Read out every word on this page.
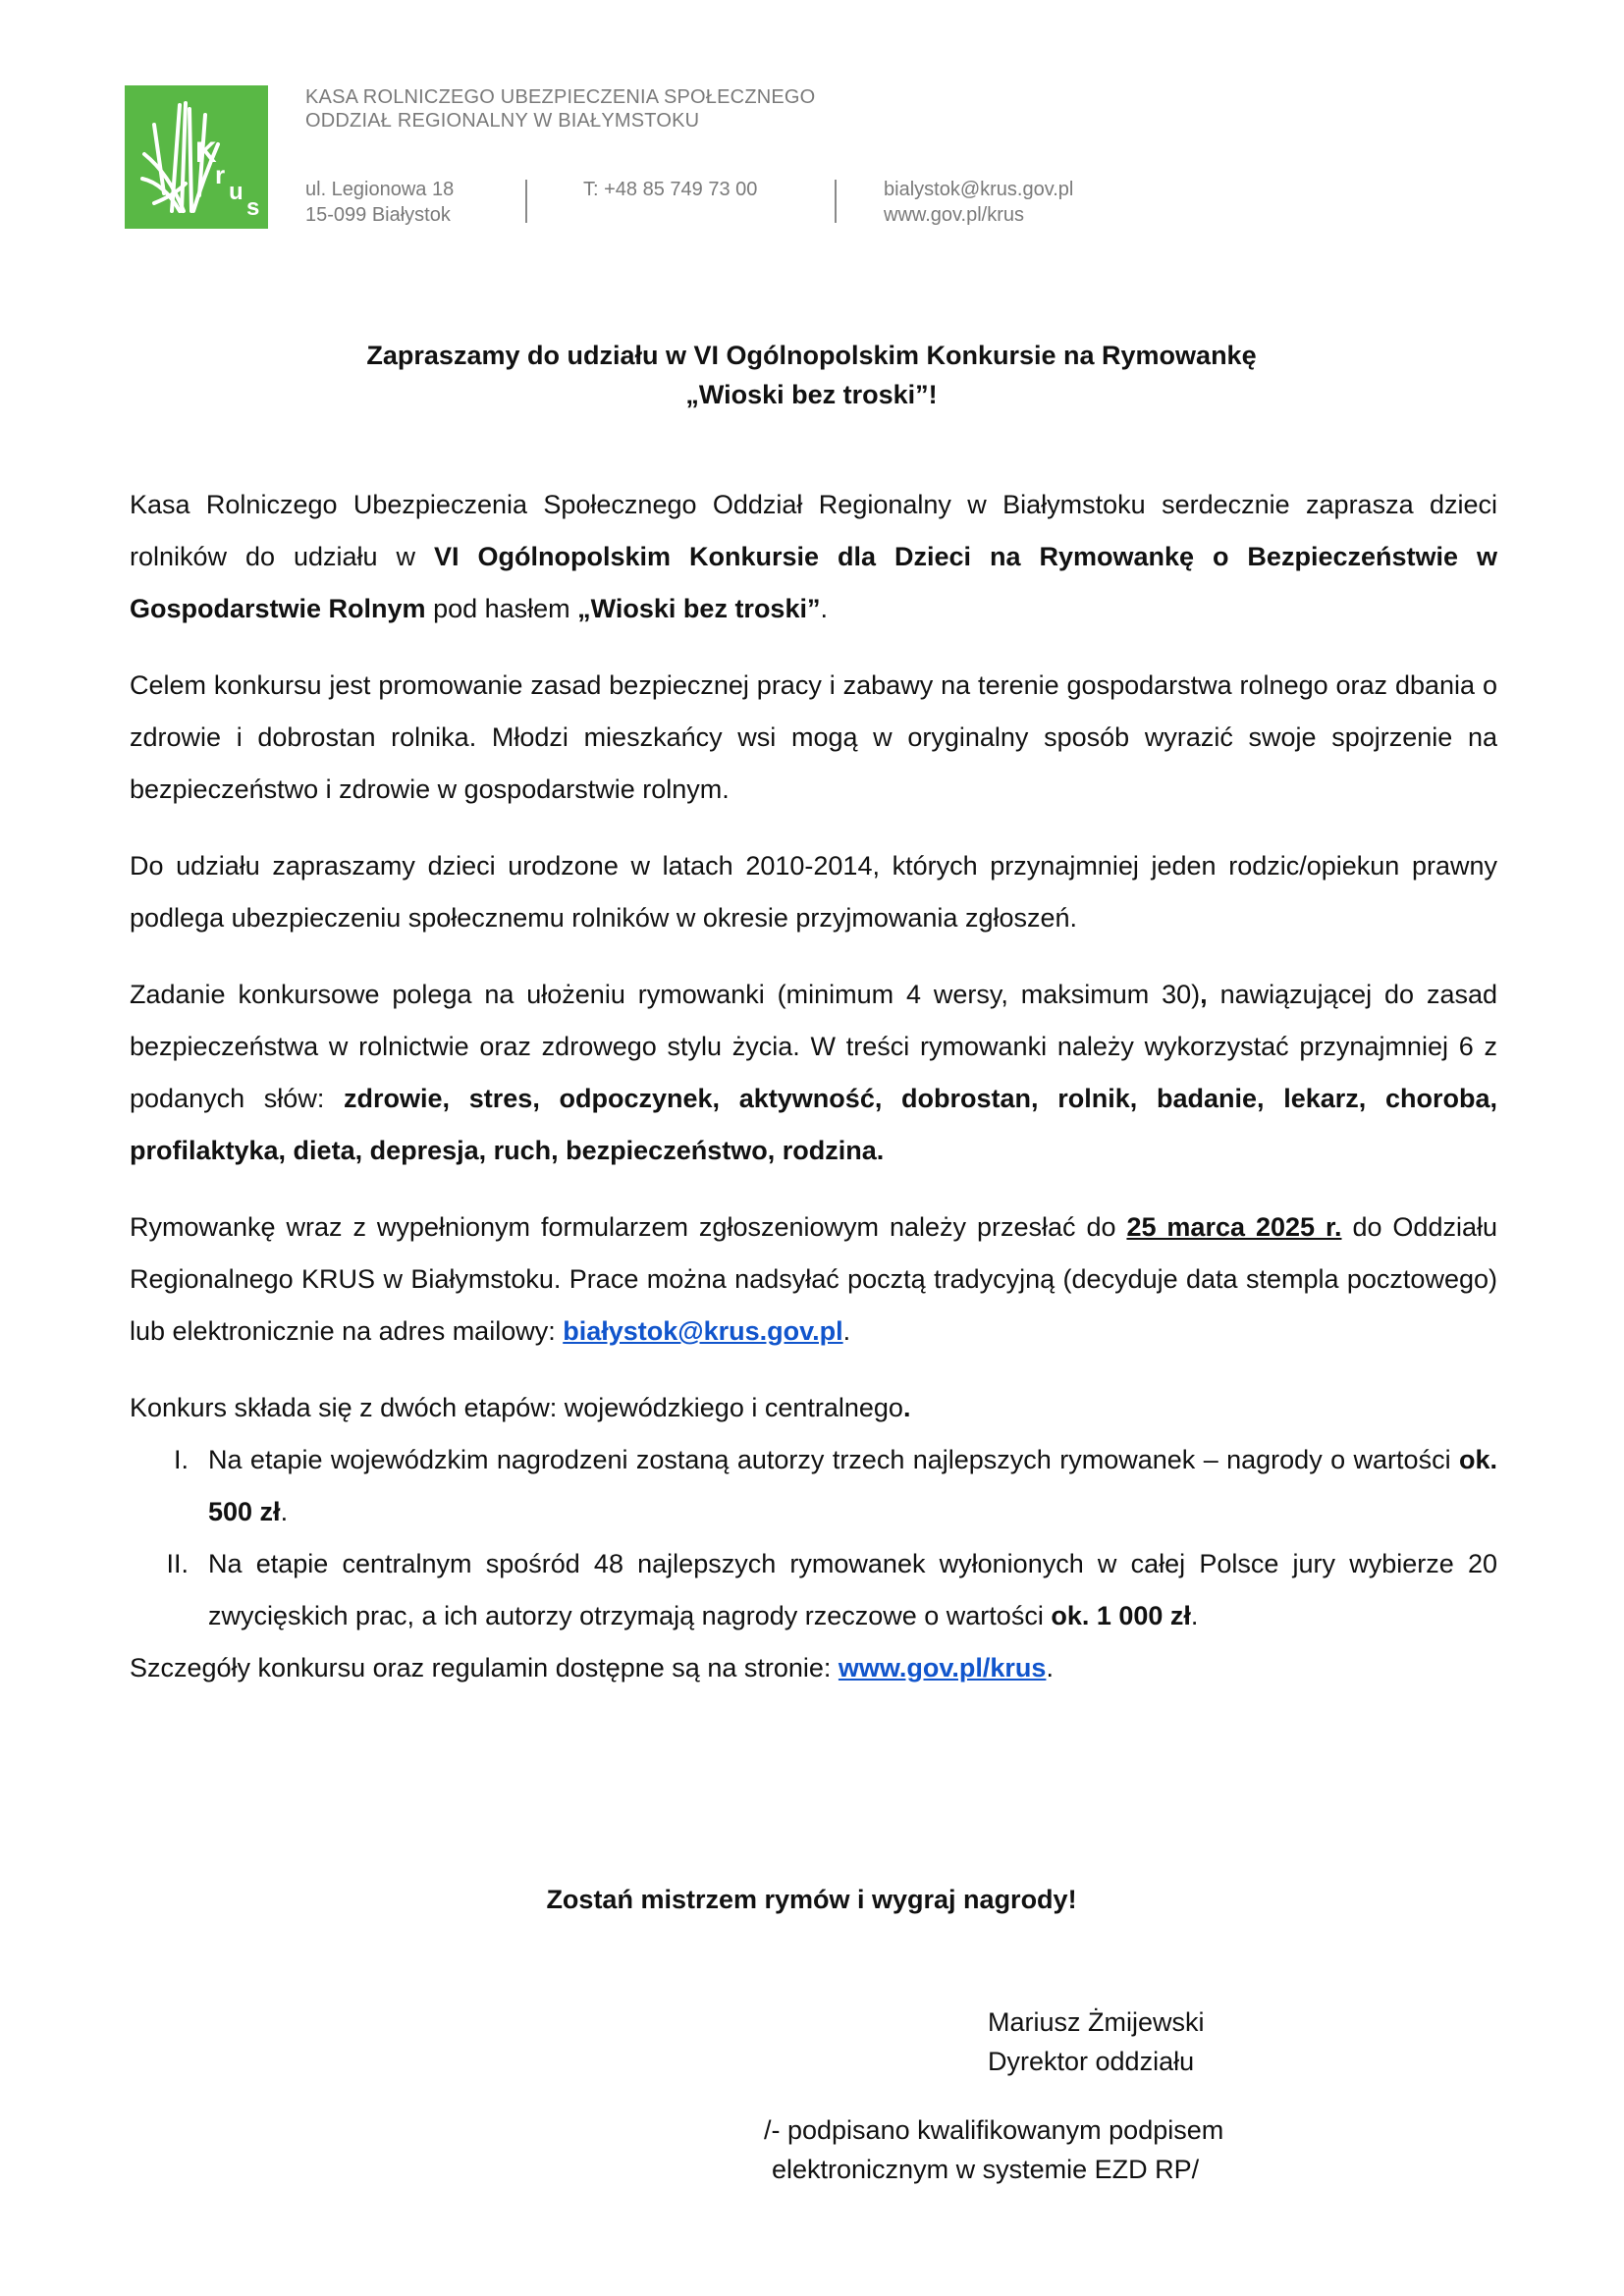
K
r
u
s
KASA ROLNICZEGO UBEZPIECZENIA SPOŁECZNEGO
ODDZIAŁ REGIONALNY W BIAŁYMSTOKU
ul. Legionowa 18
15-099 Białystok
T: +48 85 749 73 00	bialystok@krus.gov.pl
www.gov.pl/krus
Zapraszamy do udziału w VI Ogólnopolskim Konkursie na Rymowankę
„Wioski bez troski”!

Kasa Rolniczego Ubezpieczenia Społecznego Oddział Regionalny w Białymstoku serdecznie zaprasza dzieci rolników do udziału w VI Ogólnopolskim Konkursie dla Dzieci na Rymowankę o Bezpieczeństwie w Gospodarstwie Rolnym pod hasłem „Wioski bez troski”.

Celem konkursu jest promowanie zasad bezpiecznej pracy i zabawy na terenie gospodarstwa rolnego oraz dbania o zdrowie i dobrostan rolnika. Młodzi mieszkańcy wsi mogą w oryginalny sposób wyrazić swoje spojrzenie na bezpieczeństwo i zdrowie w gospodarstwie rolnym.

Do udziału zapraszamy dzieci urodzone w latach 2010-2014, których przynajmniej jeden rodzic/opiekun prawny podlega ubezpieczeniu społecznemu rolników w okresie przyjmowania zgłoszeń.

Zadanie konkursowe polega na ułożeniu rymowanki (minimum 4 wersy, maksimum 30), nawiązującej do zasad bezpieczeństwa w rolnictwie oraz zdrowego stylu życia. W treści rymowanki należy wykorzystać przynajmniej 6 z podanych słów: zdrowie, stres, odpoczynek, aktywność, dobrostan, rolnik, badanie, lekarz, choroba, profilaktyka, dieta, depresja, ruch, bezpieczeństwo, rodzina.

Rymowankę wraz z wypełnionym formularzem zgłoszeniowym należy przesłać do 25 marca 2025 r. do Oddziału Regionalnego KRUS w Białymstoku. Prace można nadsyłać pocztą tradycyjną (decyduje data stempla pocztowego) lub elektronicznie na adres mailowy: białystok@krus.gov.pl.

Konkurs składa się z dwóch etapów: wojewódzkiego i centralnego.

I. Na etapie wojewódzkim nagrodzeni zostaną autorzy trzech najlepszych rymowanek – nagrody o wartości ok. 500 zł.
II. Na etapie centralnym spośród 48 najlepszych rymowanek wyłonionych w całej Polsce jury wybierze 20 zwycięskich prac, a ich autorzy otrzymają nagrody rzeczowe o wartości ok. 1 000 zł.

Szczegóły konkursu oraz regulamin dostępne są na stronie: www.gov.pl/krus.

Zostań mistrzem rymów i wygraj nagrody!
Mariusz Żmijewski
Dyrektor oddziału
/- podpisano kwalifikowanym podpisem
elektronicznym w systemie EZD RP/
